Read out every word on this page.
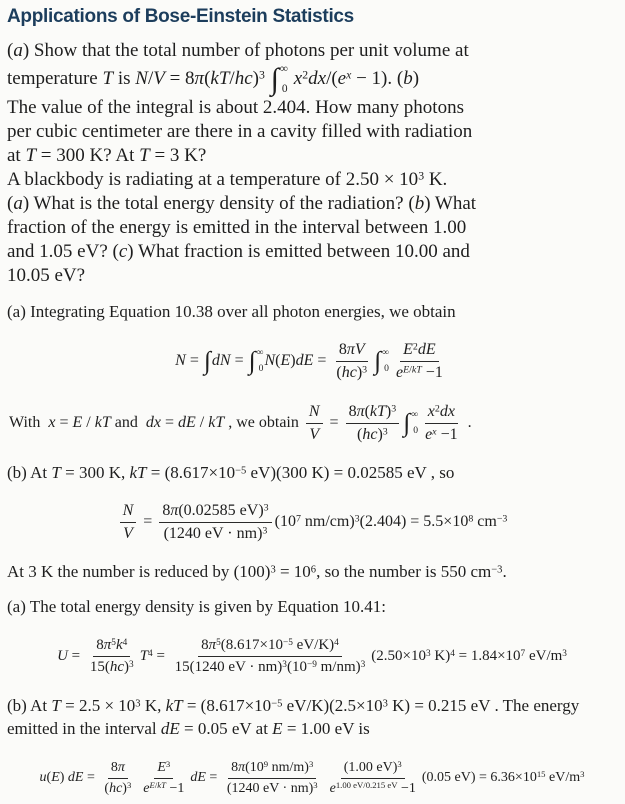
Applications of Bose-Einstein Statistics
(a) Show that the total number of photons per unit volume at
temperature T is $N/V = 8\pi(kT/hc)^3$ ∫ ∞
0 $x^2dx/(e^x - 1)$. (b)
The value of the integral is about 2.404. How many photons
per cubic centimeter are there in a cavity filled with radiation
at T = 300 K? At T = 3 K?
A blackbody is radiating at a temperature of $2.50 \times 10^3$ K.
(a) What is the total energy density of the radiation? (b) What
fraction of the energy is emitted in the interval between 1.00
and 1.05 eV? (c) What fraction is emitted between 10.00 and
10.05 eV?
(a) Integrating Equation 10.38 over all photon energies, we obtain
N = ∫ dN = ∫ ∞
0 $N(E)dE = \frac{8\pi V}{(hc)^3}$ ∫ ∞
$0 \frac{E^2dE}{e^{E/kT} -1}$
With  x = E / kT and  dx = dE / kT , we obtain $\frac{N}{V} = \frac{8\pi(kT)^3}{(hc)^3}$ ∫ ∞
$0 \frac{x^2dx}{e^x -1}$ .
(b) At T = 300 K, kT = ($8.617\times 10^{-5}$ eV)(300 K) = 0.02585 eV , so
$\frac{N}{V} = \frac{8\pi(0.02585 eV)^3}{(1240 eV \cdot nm)^3} (10^7$ $nm/cm)^3(2.404) = 5.5\times 10^8$ $cm^{-3}$
At 3 K the number is reduced by $(100)^3 = 10^6$, so the number is 550 $cm^{-3}$.
(a) The total energy density is given by Equation 10.41:
$U = \frac{8\pi^5k^4}{15(hc)^3} T^4 = \frac{8\pi^5(8.617\times 10^{-5} eV/K)^4}{15(1240 eV \cdot nm)^3(10^{-9} m/nm)^3} (2.50\times 10^3$ $K)^4 = 1.84\times 10^7$ $eV/m^3$
(b) At $T = 2.5 \times 10^3$ K, kT = ($8.617\times 10^{-5}$ $eV/K)(2.5\times 10^3$ K) = 0.215 eV . The energy emitted in the interval dE = 0.05 eV at E = 1.00 eV is
u(E) dE = $\frac{8\pi}{(hc)^3} \frac{E^3}{e^{E/kT} -1}$ dE = $\frac{8\pi(10^9 nm/m)^3}{(1240 eV \cdot nm)^3} \frac{(1.00 eV)^3}{e^{1.00 eV/0.215 eV} -1} (0.05$ $eV) = 6.36\times 10^{15}$ $eV/m^3$
